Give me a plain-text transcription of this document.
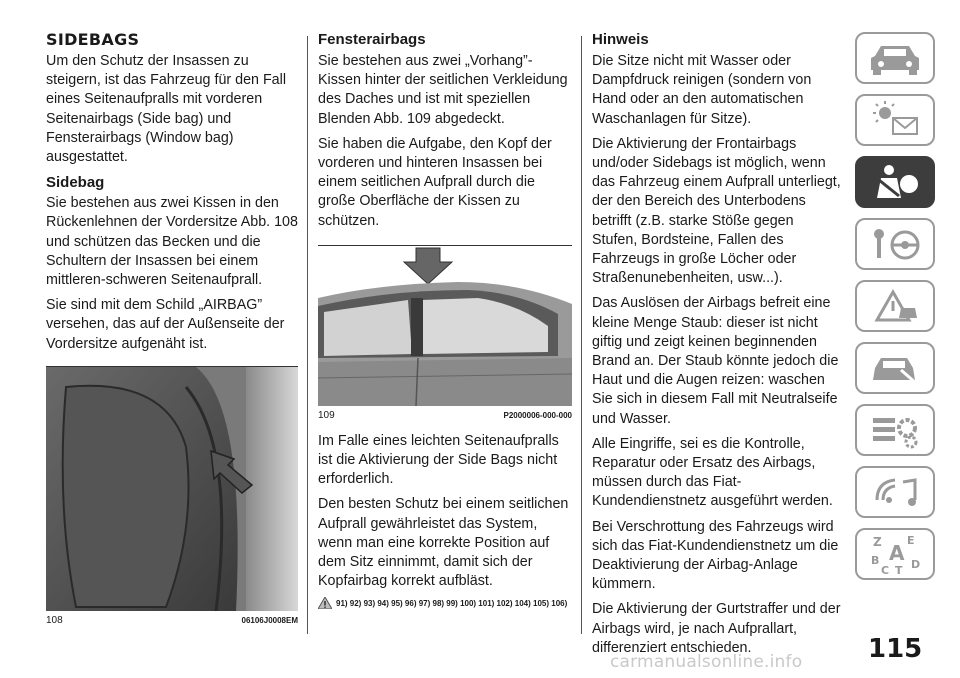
SIDEBAGS

Um den Schutz der Insassen zu steigern, ist das Fahrzeug für den Fall eines Seitenaufpralls mit vorderen Seitenairbags (Side bag) und Fensterairbags (Window bag) ausgestattet.

Sidebag

Sie bestehen aus zwei Kissen in den Rückenlehnen der Vordersitze Abb. 108 und schützen das Becken und die Schultern der Insassen bei einem mittleren-schweren Seitenaufprall.

Sie sind mit dem Schild „AIRBAG” versehen, das auf der Außenseite der Vordersitze aufgenäht ist.

108	06106J0008EM
Fensterairbags

Sie bestehen aus zwei „Vorhang”-Kissen hinter der seitlichen Verkleidung des Daches und ist mit speziellen Blenden Abb. 109 abgedeckt.

Sie haben die Aufgabe, den Kopf der vorderen und hinteren Insassen bei einem seitlichen Aufprall durch die große Oberfläche der Kissen zu schützen.

109	P2000006-000-000

Im Falle eines leichten Seitenaufpralls ist die Aktivierung der Side Bags nicht erforderlich.

Den besten Schutz bei einem seitlichen Aufprall gewährleistet das System, wenn man eine korrekte Position auf dem Sitz einnimmt, damit sich der Kopfairbag korrekt aufbläst.

91) 92) 93) 94) 95) 96) 97) 98) 99) 100) 101) 102) 104) 105) 106)
Hinweis

Die Sitze nicht mit Wasser oder Dampfdruck reinigen (sondern von Hand oder an den automatischen Waschanlagen für Sitze).

Die Aktivierung der Frontairbags und/oder Sidebags ist möglich, wenn das Fahrzeug einem Aufprall unterliegt, der den Bereich des Unterbodens betrifft (z.B. starke Stöße gegen Stufen, Bordsteine, Fallen des Fahrzeugs in große Löcher oder Straßenunebenheiten, usw...).

Das Auslösen der Airbags befreit eine kleine Menge Staub: dieser ist nicht giftig und zeigt keinen beginnenden Brand an. Der Staub könnte jedoch die Haut und die Augen reizen: waschen Sie sich in diesem Fall mit Neutralseife und Wasser.

Alle Eingriffe, sei es die Kontrolle, Reparatur oder Ersatz des Airbags, müssen durch das Fiat-Kundendienstnetz ausgeführt werden.

Bei Verschrottung des Fahrzeugs wird sich das Fiat-Kundendienstnetz um die Deaktivierung der Airbag-Anlage kümmern.

Die Aktivierung der Gurtstraffer und der Airbags wird, je nach Aufprallart, differenziert entschieden.

Z E
A
B
C T D
115
carmanualsonline.info
